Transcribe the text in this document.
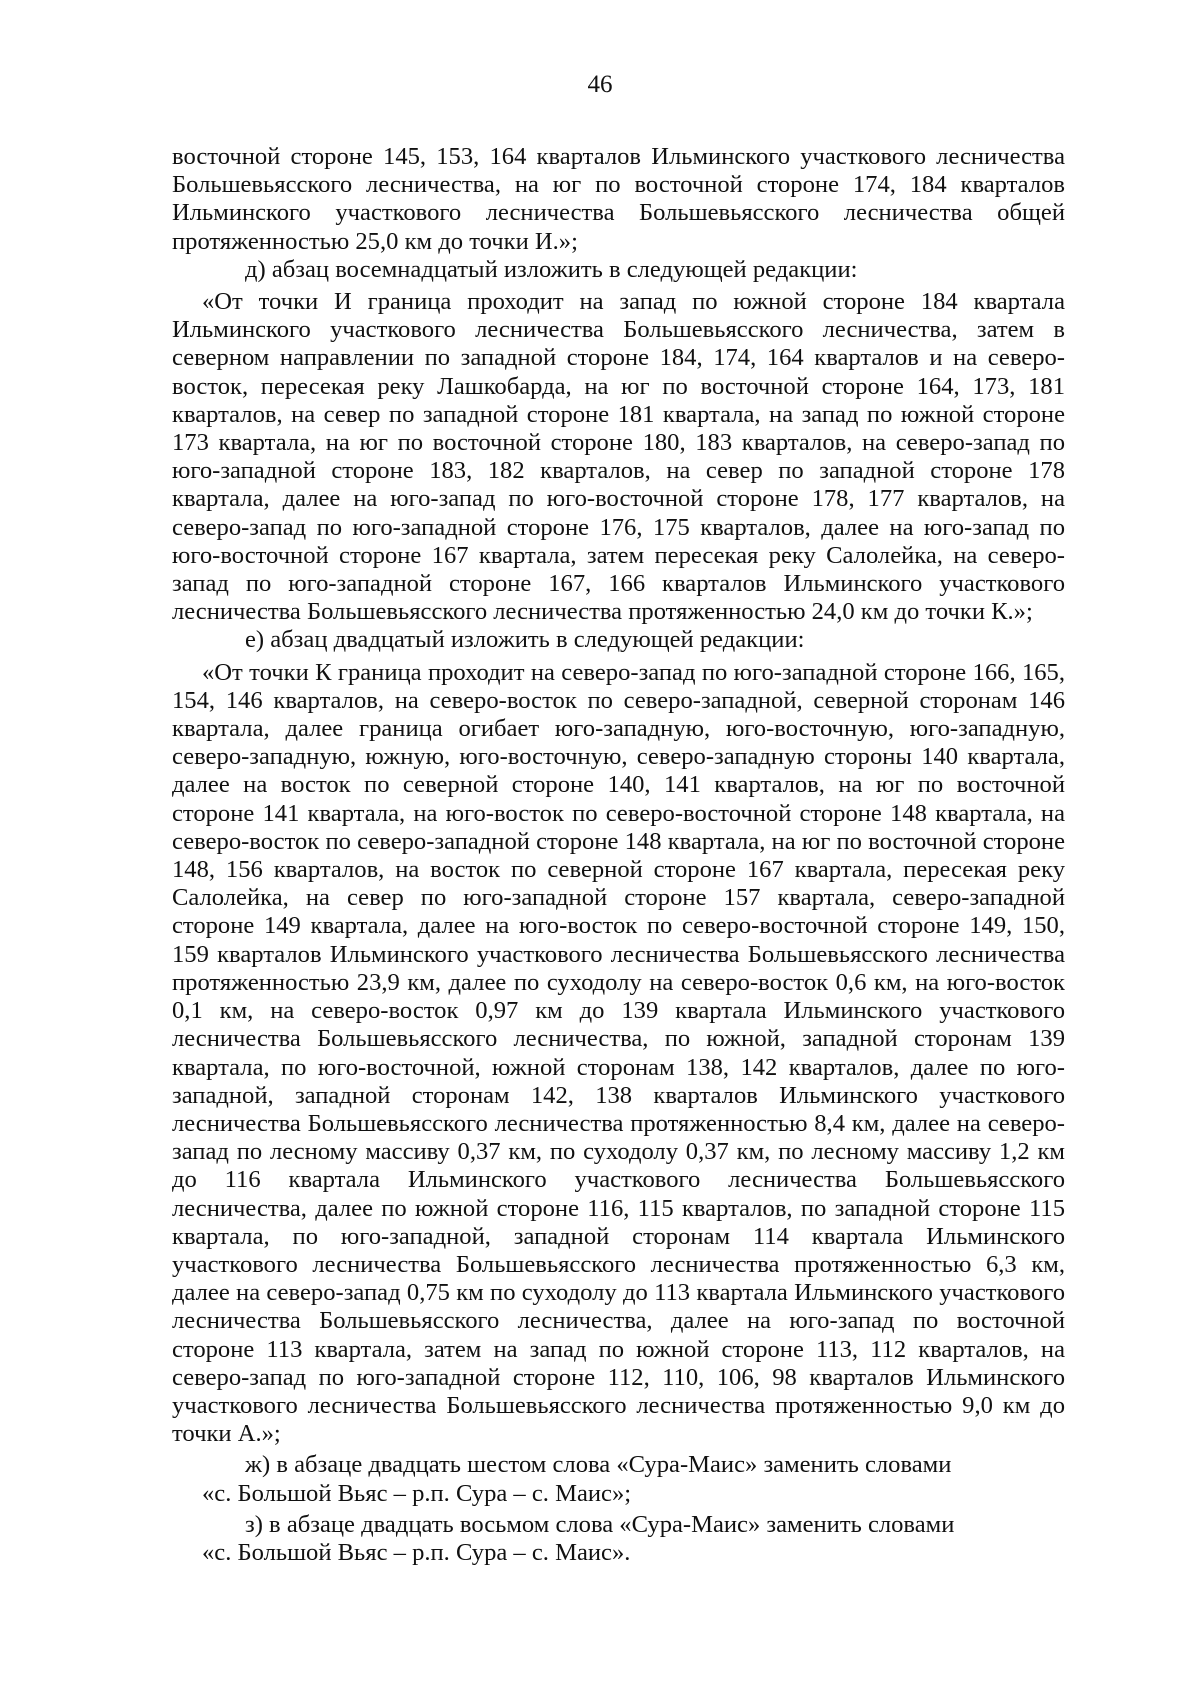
46

восточной стороне 145, 153, 164 кварталов Ильминского участкового лесничества Большевьясского лесничества, на юг по восточной стороне 174, 184 кварталов Ильминского участкового лесничества Большевьясского лесничества общей протяженностью 25,0 км до точки И.»;

д) абзац восемнадцатый изложить в следующей редакции:

«От точки И граница проходит на запад по южной стороне 184 квартала Ильминского участкового лесничества Большевьясского лесничества, затем в северном направлении по западной стороне 184, 174, 164 кварталов и на северо-восток, пересекая реку Лашкобарда, на юг по восточной стороне 164, 173, 181 кварталов, на север по западной стороне 181 квартала, на запад по южной стороне 173 квартала, на юг по восточной стороне 180, 183 кварталов, на северо-запад по юго-западной стороне 183, 182 кварталов, на север по западной стороне 178 квартала, далее на юго-запад по юго-восточной стороне 178, 177 кварталов, на северо-запад по юго-западной стороне 176, 175 кварталов, далее на юго-запад по юго-восточной стороне 167 квартала, затем пересекая реку Салолейка, на северо-запад по юго-западной стороне 167, 166 кварталов Ильминского участкового лесничества Большевьясского лесничества протяженностью 24,0 км до точки К.»;

е) абзац двадцатый изложить в следующей редакции:

«От точки К граница проходит на северо-запад по юго-западной стороне 166, 165, 154, 146 кварталов, на северо-восток по северо-западной, северной сторонам 146 квартала, далее граница огибает юго-западную, юго-восточную, юго-западную, северо-западную, южную, юго-восточную, северо-западную стороны 140 квартала, далее на восток по северной стороне 140, 141 кварталов, на юг по восточной стороне 141 квартала, на юго-восток по северо-восточной стороне 148 квартала, на северо-восток по северо-западной стороне 148 квартала, на юг по восточной стороне 148, 156 кварталов, на восток по северной стороне 167 квартала, пересекая реку Салолейка, на север по юго-западной стороне 157 квартала, северо-западной стороне 149 квартала, далее на юго-восток по северо-восточной стороне 149, 150, 159 кварталов Ильминского участкового лесничества Большевьясского лесничества протяженностью 23,9 км, далее по суходолу на северо-восток 0,6 км, на юго-восток 0,1 км, на северо-восток 0,97 км до 139 квартала Ильминского участкового лесничества Большевьясского лесничества, по южной, западной сторонам 139 квартала, по юго-восточной, южной сторонам 138, 142 кварталов, далее по юго-западной, западной сторонам 142, 138 кварталов Ильминского участкового лесничества Большевьясского лесничества протяженностью 8,4 км, далее на северо-запад по лесному массиву 0,37 км, по суходолу 0,37 км, по лесному массиву 1,2 км до 116 квартала Ильминского участкового лесничества Большевьясского лесничества, далее по южной стороне 116, 115 кварталов, по западной стороне 115 квартала, по юго-западной, западной сторонам 114 квартала Ильминского участкового лесничества Большевьясского лесничества протяженностью 6,3 км, далее на северо-запад 0,75 км по суходолу до 113 квартала Ильминского участкового лесничества Большевьясского лесничества, далее на юго-запад по восточной стороне 113 квартала, затем на запад по южной стороне 113, 112 кварталов, на северо-запад по юго-западной стороне 112, 110, 106, 98 кварталов Ильминского участкового лесничества Большевьясского лесничества протяженностью 9,0 км до точки А.»;

ж) в абзаце двадцать шестом слова «Сура-Маис» заменить словами

«с. Большой Вьяс – р.п. Сура – с. Маис»;

з) в абзаце двадцать восьмом слова «Сура-Маис» заменить словами

«с. Большой Вьяс – р.п. Сура – с. Маис».
